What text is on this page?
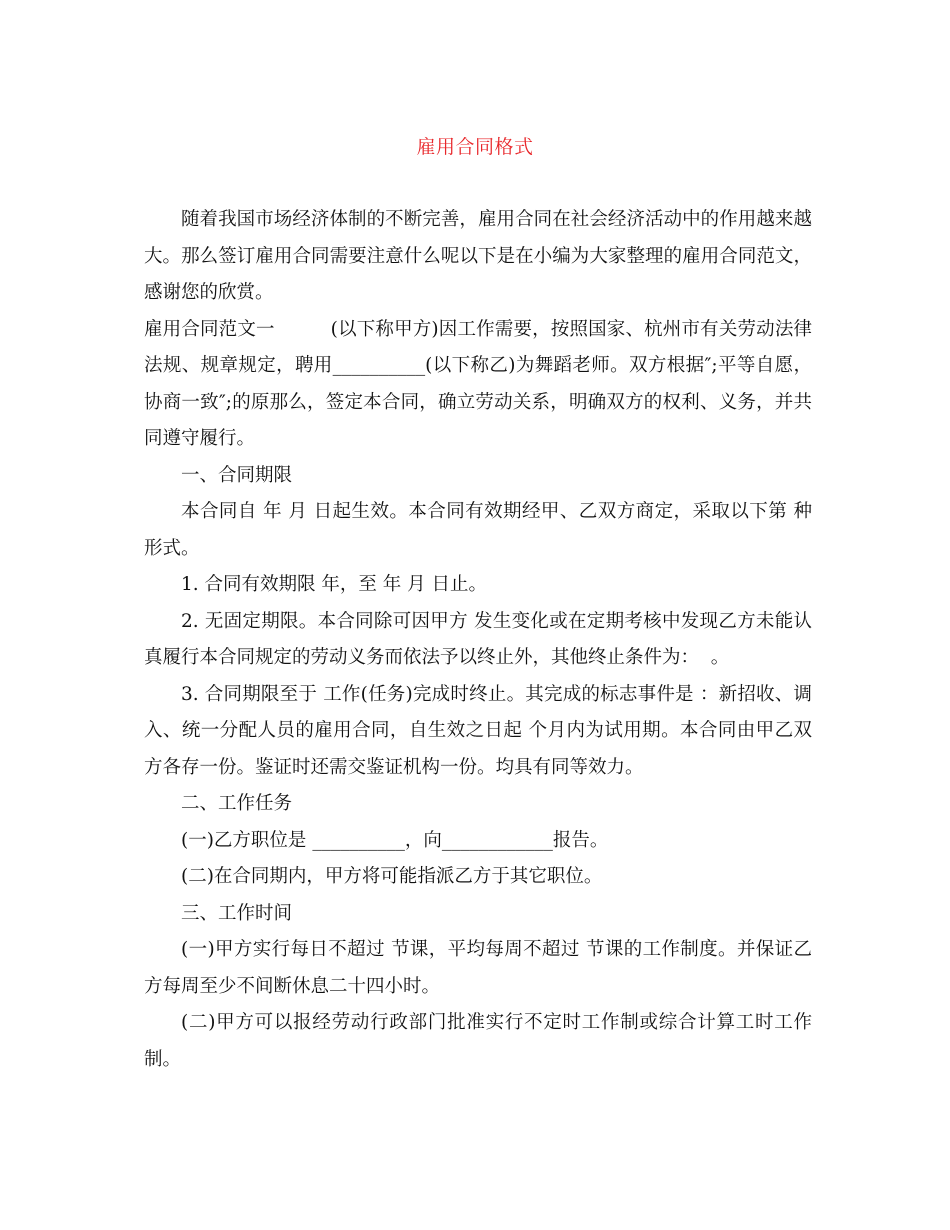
雇用合同格式

随着我国市场经济体制的不断完善，雇用合同在社会经济活动中的作用越来越大。那么签订雇用合同需要注意什么呢以下是在小编为大家整理的雇用合同范文，感谢您的欣赏。

雇用合同范文一　　　(以下称甲方)因工作需要，按照国家、杭州市有关劳动法律法规、规章规定，聘用__________(以下称乙)为舞蹈老师。双方根据″;平等自愿，协商一致″;的原那么，签定本合同，确立劳动关系，明确双方的权利、义务，并共同遵守履行。

一、合同期限

本合同自 年 月 日起生效。本合同有效期经甲、乙双方商定，采取以下第 种形式。

1. 合同有效期限 年，至 年 月 日止。

2. 无固定期限。本合同除可因甲方 发生变化或在定期考核中发现乙方未能认真履行本合同规定的劳动义务而依法予以终止外，其他终止条件为：  。

3. 合同期限至于 工作(任务)完成时终止。其完成的标志事件是 ：新招收、调入、统一分配人员的雇用合同，自生效之日起 个月内为试用期。本合同由甲乙双方各存一份。鉴证时还需交鉴证机构一份。均具有同等效力。

二、工作任务

(一)乙方职位是 __________，向____________报告。

(二)在合同期内，甲方将可能指派乙方于其它职位。

三、工作时间

(一)甲方实行每日不超过 节课，平均每周不超过 节课的工作制度。并保证乙方每周至少不间断休息二十四小时。

(二)甲方可以报经劳动行政部门批准实行不定时工作制或综合计算工时工作制。
